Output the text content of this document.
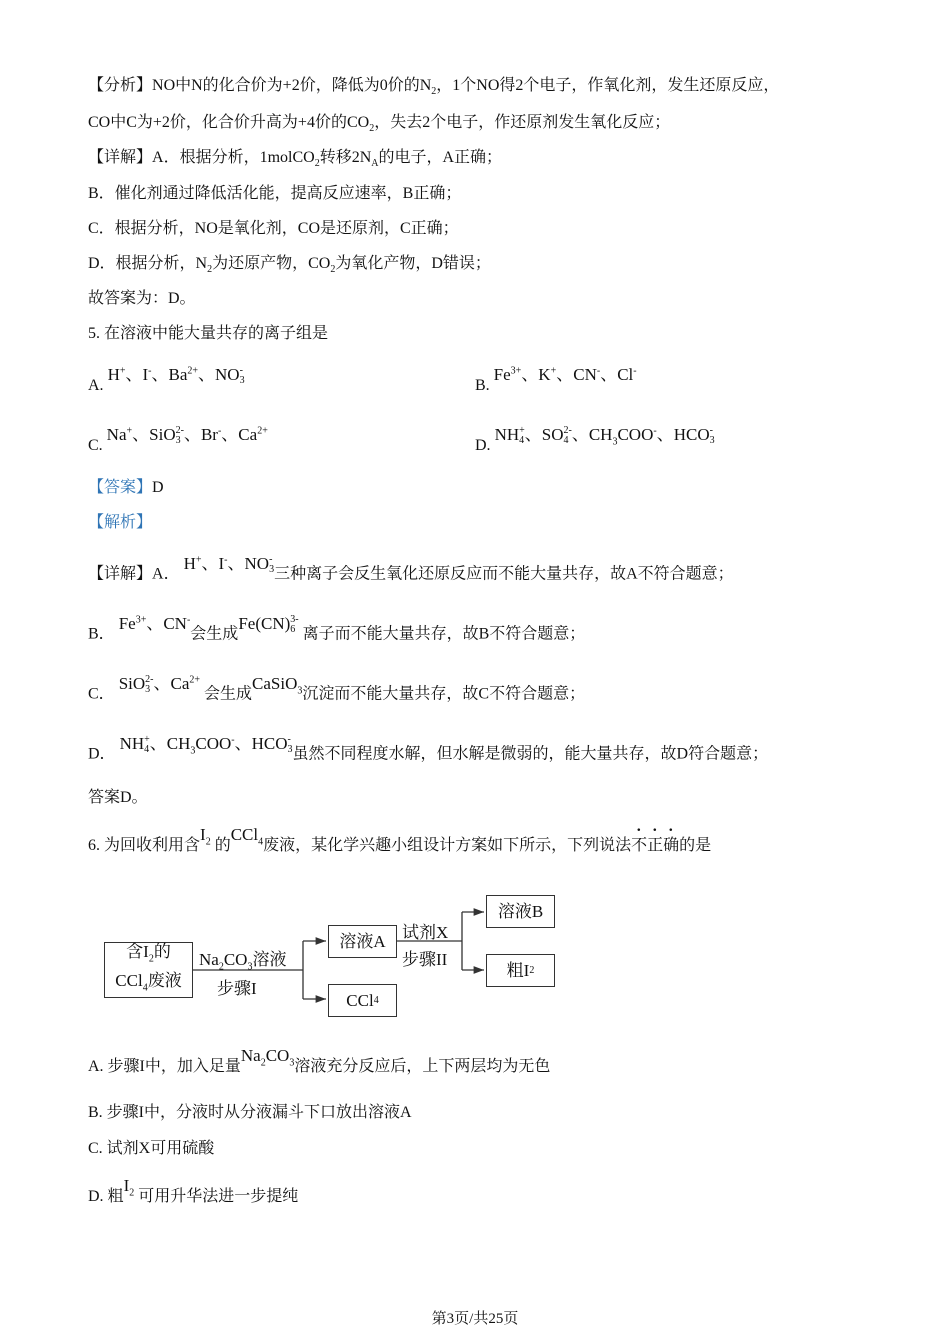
【分析】NO中N的化合价为+2价，降低为0价的$N_2$，1个NO得2个电子，作氧化剂，发生还原反应，
CO中C为+2价，化合价升高为+4价的$CO_2$，失去2个电子，作还原剂发生氧化反应；
【详解】A．根据分析，1molCO$_2$转移$2N_A$的电子，A正确；
B．催化剂通过降低活化能，提高反应速率，B正确；
C．根据分析，NO是氧化剂，CO是还原剂，C正确；
D．根据分析，$N_2$为还原产物，$CO_2$为氧化产物，D错误；
故答案为：D。
5. 在溶液中能大量共存的离子组是
A. H+、I-、$Ba^{2+}$、NO -
3	B. $Fe^{3+}$、K+、CN-、Cl-
C. Na+、SiO 2-
3 、Br-、$Ca^{2+}$
D. NH +
4 、SO 2-
4 、$CH_3COO^-$、HCO -
3
【答案】D
【解析】
【详解】A． H+、I-、NO -
3 三种离子会反生氧化还原反应而不能大量共存，故A不符合题意；
B． $Fe^{3+}$、CN-会生成Fe(CN) 3-
6 离子而不能大量共存，故B不符合题意；
C． SiO 2-
3 、$Ca^{2+}$ 会生成CaSiO$_3$沉淀而不能大量共存，故C不符合题意；
D． NH +
4 、$CH_3COO^-$、HCO -
3 虽然不同程度水解，但水解是微弱的，能大量共存，故D符合题意；
答案D。
6. 为回收利用含$I_2$ 的CCl$_4$废液，某化学兴趣小组设计方案如下所示，下列说法不正确的是
含$I_2$的
CCl$_4$废液
$Na_2CO_3$溶液
步骤I
溶液A
CCl 4
试剂X
步骤II
溶液B
粗I 2
A. 步骤I中，加入足量$Na_2CO_3$溶液充分反应后，上下两层均为无色
B. 步骤I中，分液时从分液漏斗下口放出溶液A
C. 试剂X可用硫酸
D. 粗$I_2$ 可用升华法进一步提纯
第3页/共25页
